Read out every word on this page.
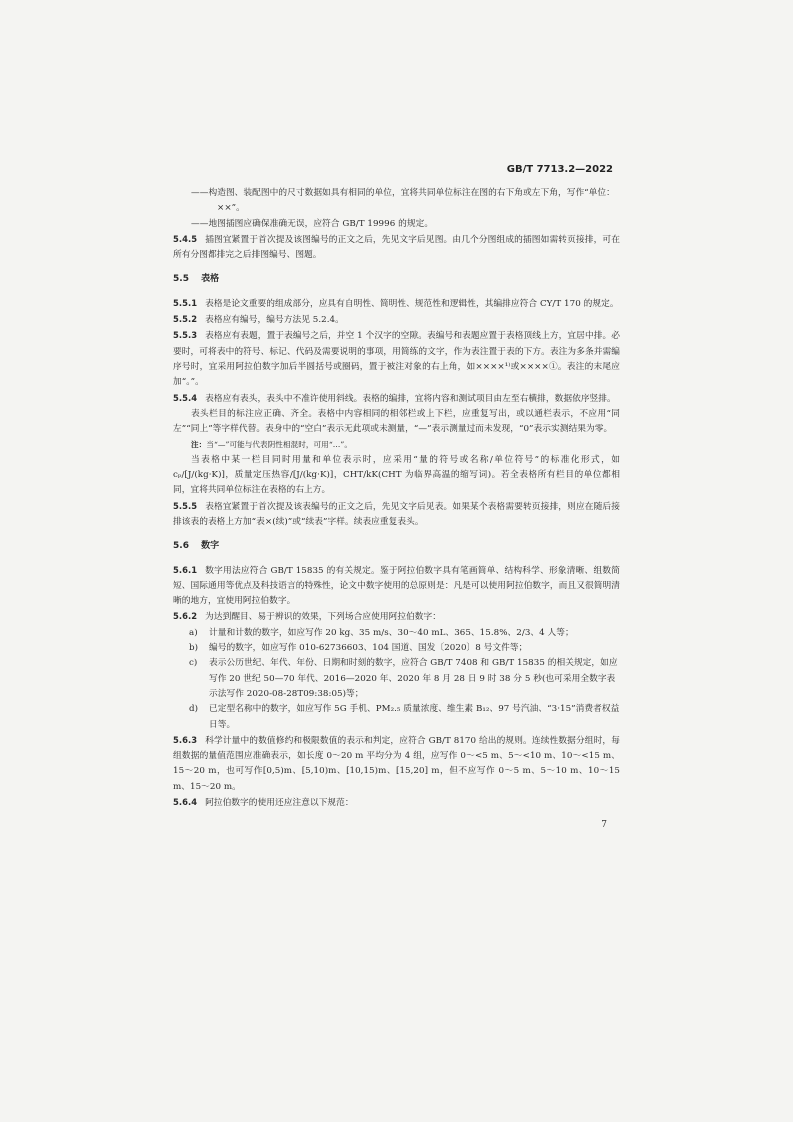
GB/T 7713.2—2022

——构造图、装配图中的尺寸数据如具有相同的单位，宜将共同单位标注在图的右下角或左下角，写作“单位：××”。

——地图插图应确保准确无误，应符合 GB/T 19996 的规定。

5.4.5 插图宜紧置于首次提及该图编号的正文之后，先见文字后见图。由几个分图组成的插图如需转页接排，可在所有分图都排完之后排图编号、图题。

5.5 表格

5.5.1 表格是论文重要的组成部分，应具有自明性、简明性、规范性和逻辑性，其编排应符合 CY/T 170 的规定。

5.5.2 表格应有编号，编号方法见 5.2.4。

5.5.3 表格应有表题，置于表编号之后，并空 1 个汉字的空隙。表编号和表题应置于表格顶线上方，宜居中排。必要时，可将表中的符号、标记、代码及需要说明的事项，用简练的文字，作为表注置于表的下方。表注为多条并需编序号时，宜采用阿拉伯数字加后半圆括号或圈码，置于被注对象的右上角，如××××¹⁾或××××①。表注的末尾应加“。”。

5.5.4 表格应有表头，表头中不准许使用斜线。表格的编排，宜将内容和测试项目由左至右横排，数据依序竖排。

表头栏目的标注应正确、齐全。表格中内容相同的相邻栏或上下栏，应重复写出，或以通栏表示，不应用“同左”“同上”等字样代替。表身中的“空白”表示无此项或未测量，“—”表示测量过而未发现，“0”表示实测结果为零。

注：当“—”可能与代表阴性相混时，可用“…”。

当表格中某一栏目同时用量和单位表示时，应采用“量的符号或名称/单位符号”的标准化形式，如 cₚ/[J/(kg·K)]，质量定压热容/[J/(kg·K)]，CHT/kK(CHT 为临界高温的缩写词)。若全表格所有栏目的单位都相同，宜将共同单位标注在表格的右上方。

5.5.5 表格宜紧置于首次提及该表编号的正文之后，先见文字后见表。如果某个表格需要转页接排，则应在随后接排该表的表格上方加“表×(续)”或“续表”字样。续表应重复表头。

5.6 数字

5.6.1 数字用法应符合 GB/T 15835 的有关规定。鉴于阿拉伯数字具有笔画简单、结构科学、形象清晰、组数简短、国际通用等优点及科技语言的特殊性，论文中数字使用的总原则是：凡是可以使用阿拉伯数字，而且又很简明清晰的地方，宜使用阿拉伯数字。

5.6.2 为达到醒目、易于辨识的效果，下列场合应使用阿拉伯数字：

a) 计量和计数的数字，如应写作 20 kg、35 m/s、30～40 mL、365、15.8%、2/3、4 人等；

b) 编号的数字，如应写作 010-62736603、104 国道、国发〔2020〕8 号文件等；

c) 表示公历世纪、年代、年份、日期和时刻的数字，应符合 GB/T 7408 和 GB/T 15835 的相关规定，如应写作 20 世纪 50—70 年代、2016—2020 年、2020 年 8 月 28 日 9 时 38 分 5 秒(也可采用全数字表示法写作 2020-08-28T09:38:05)等；

d) 已定型名称中的数字，如应写作 5G 手机、PM₂.₅ 质量浓度、维生素 B₁₂、97 号汽油、“3·15”消费者权益日等。

5.6.3 科学计量中的数值修约和极限数值的表示和判定，应符合 GB/T 8170 给出的规则。连续性数据分组时，每组数据的量值范围应准确表示，如长度 0～20 m 平均分为 4 组，应写作 0～<5 m、5～<10 m、10～<15 m、15～20 m，也可写作[0,5)m、[5,10)m、[10,15)m、[15,20] m，但不应写作 0～5 m、5～10 m、10～15 m、15～20 m。

5.6.4 阿拉伯数字的使用还应注意以下规范：

7
